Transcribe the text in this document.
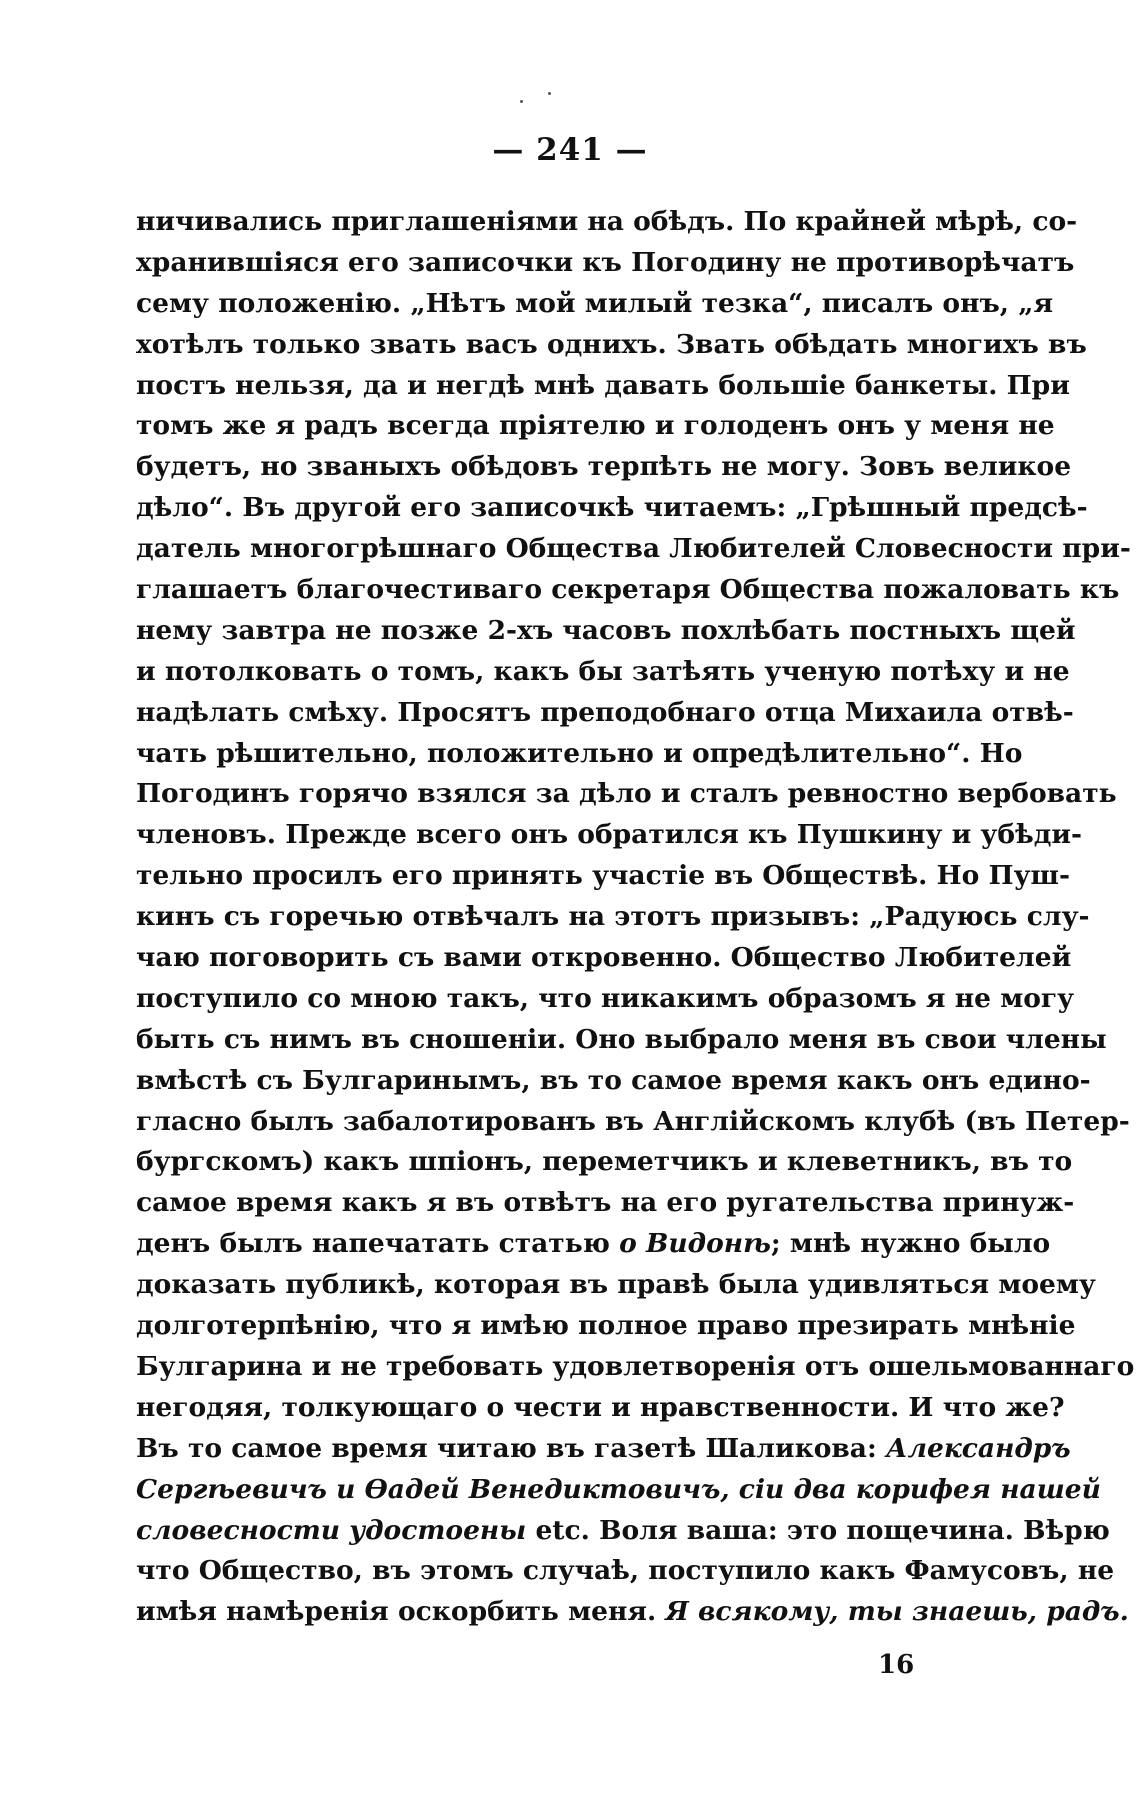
— 241 —
ничивались приглашеніями на обѣдъ. По крайней мѣрѣ, со-
хранившіяся его записочки къ Погодину не противорѣчатъ
сему положенію. „Нѣтъ мой милый тезка“, писалъ онъ, „я
хотѣлъ только звать васъ однихъ. Звать обѣдать многихъ въ
постъ нельзя, да и негдѣ мнѣ давать большіе банкеты. При
томъ же я радъ всегда пріятелю и голоденъ онъ у меня не
будетъ, но званыхъ обѣдовъ терпѣть не могу. Зовъ великое
дѣло“. Въ другой его записочкѣ читаемъ: „Грѣшный предсѣ-
датель многогрѣшнаго Общества Любителей Словесности при-
глашаетъ благочестиваго секретаря Общества пожаловать къ
нему завтра не позже 2-хъ часовъ похлѣбать постныхъ щей
и потолковать о томъ, какъ бы затѣять ученую потѣху и не
надѣлать смѣху. Просятъ преподобнаго отца Михаила отвѣ-
чать рѣшительно, положительно и опредѣлительно“. Но
Погодинъ горячо взялся за дѣло и сталъ ревностно вербовать
членовъ. Прежде всего онъ обратился къ Пушкину и убѣди-
тельно просилъ его принять участіе въ Обществѣ. Но Пуш-
кинъ съ горечью отвѣчалъ на этотъ призывъ: „Радуюсь слу-
чаю поговорить съ вами откровенно. Общество Любителей
поступило со мною такъ, что никакимъ образомъ я не могу
быть съ нимъ въ сношеніи. Оно выбрало меня въ свои члены
вмѣстѣ съ Булгаринымъ, въ то самое время какъ онъ едино-
гласно былъ забалотированъ въ Англійскомъ клубѣ (въ Петер-
бургскомъ) какъ шпіонъ, переметчикъ и клеветникъ, въ то
самое время какъ я въ отвѣтъ на его ругательства принуж-
денъ былъ напечатать статью о Видонѣ; мнѣ нужно было
доказать публикѣ, которая въ правѣ была удивляться моему
долготерпѣнію, что я имѣю полное право презирать мнѣніе
Булгарина и не требовать удовлетворенія отъ ошельмованнаго
негодяя, толкующаго о чести и нравственности. И что же?
Въ то самое время читаю въ газетѣ Шаликова: Александръ
Сергѣевичъ и Ѳадей Венедиктовичъ, сіи два корифея нашей
словесности удостоены etc. Воля ваша: это пощечина. Вѣрю
что Общество, въ этомъ случаѣ, поступило какъ Фамусовъ, не
имѣя намѣренія оскорбить меня. Я всякому, ты знаешь, радъ.
16
